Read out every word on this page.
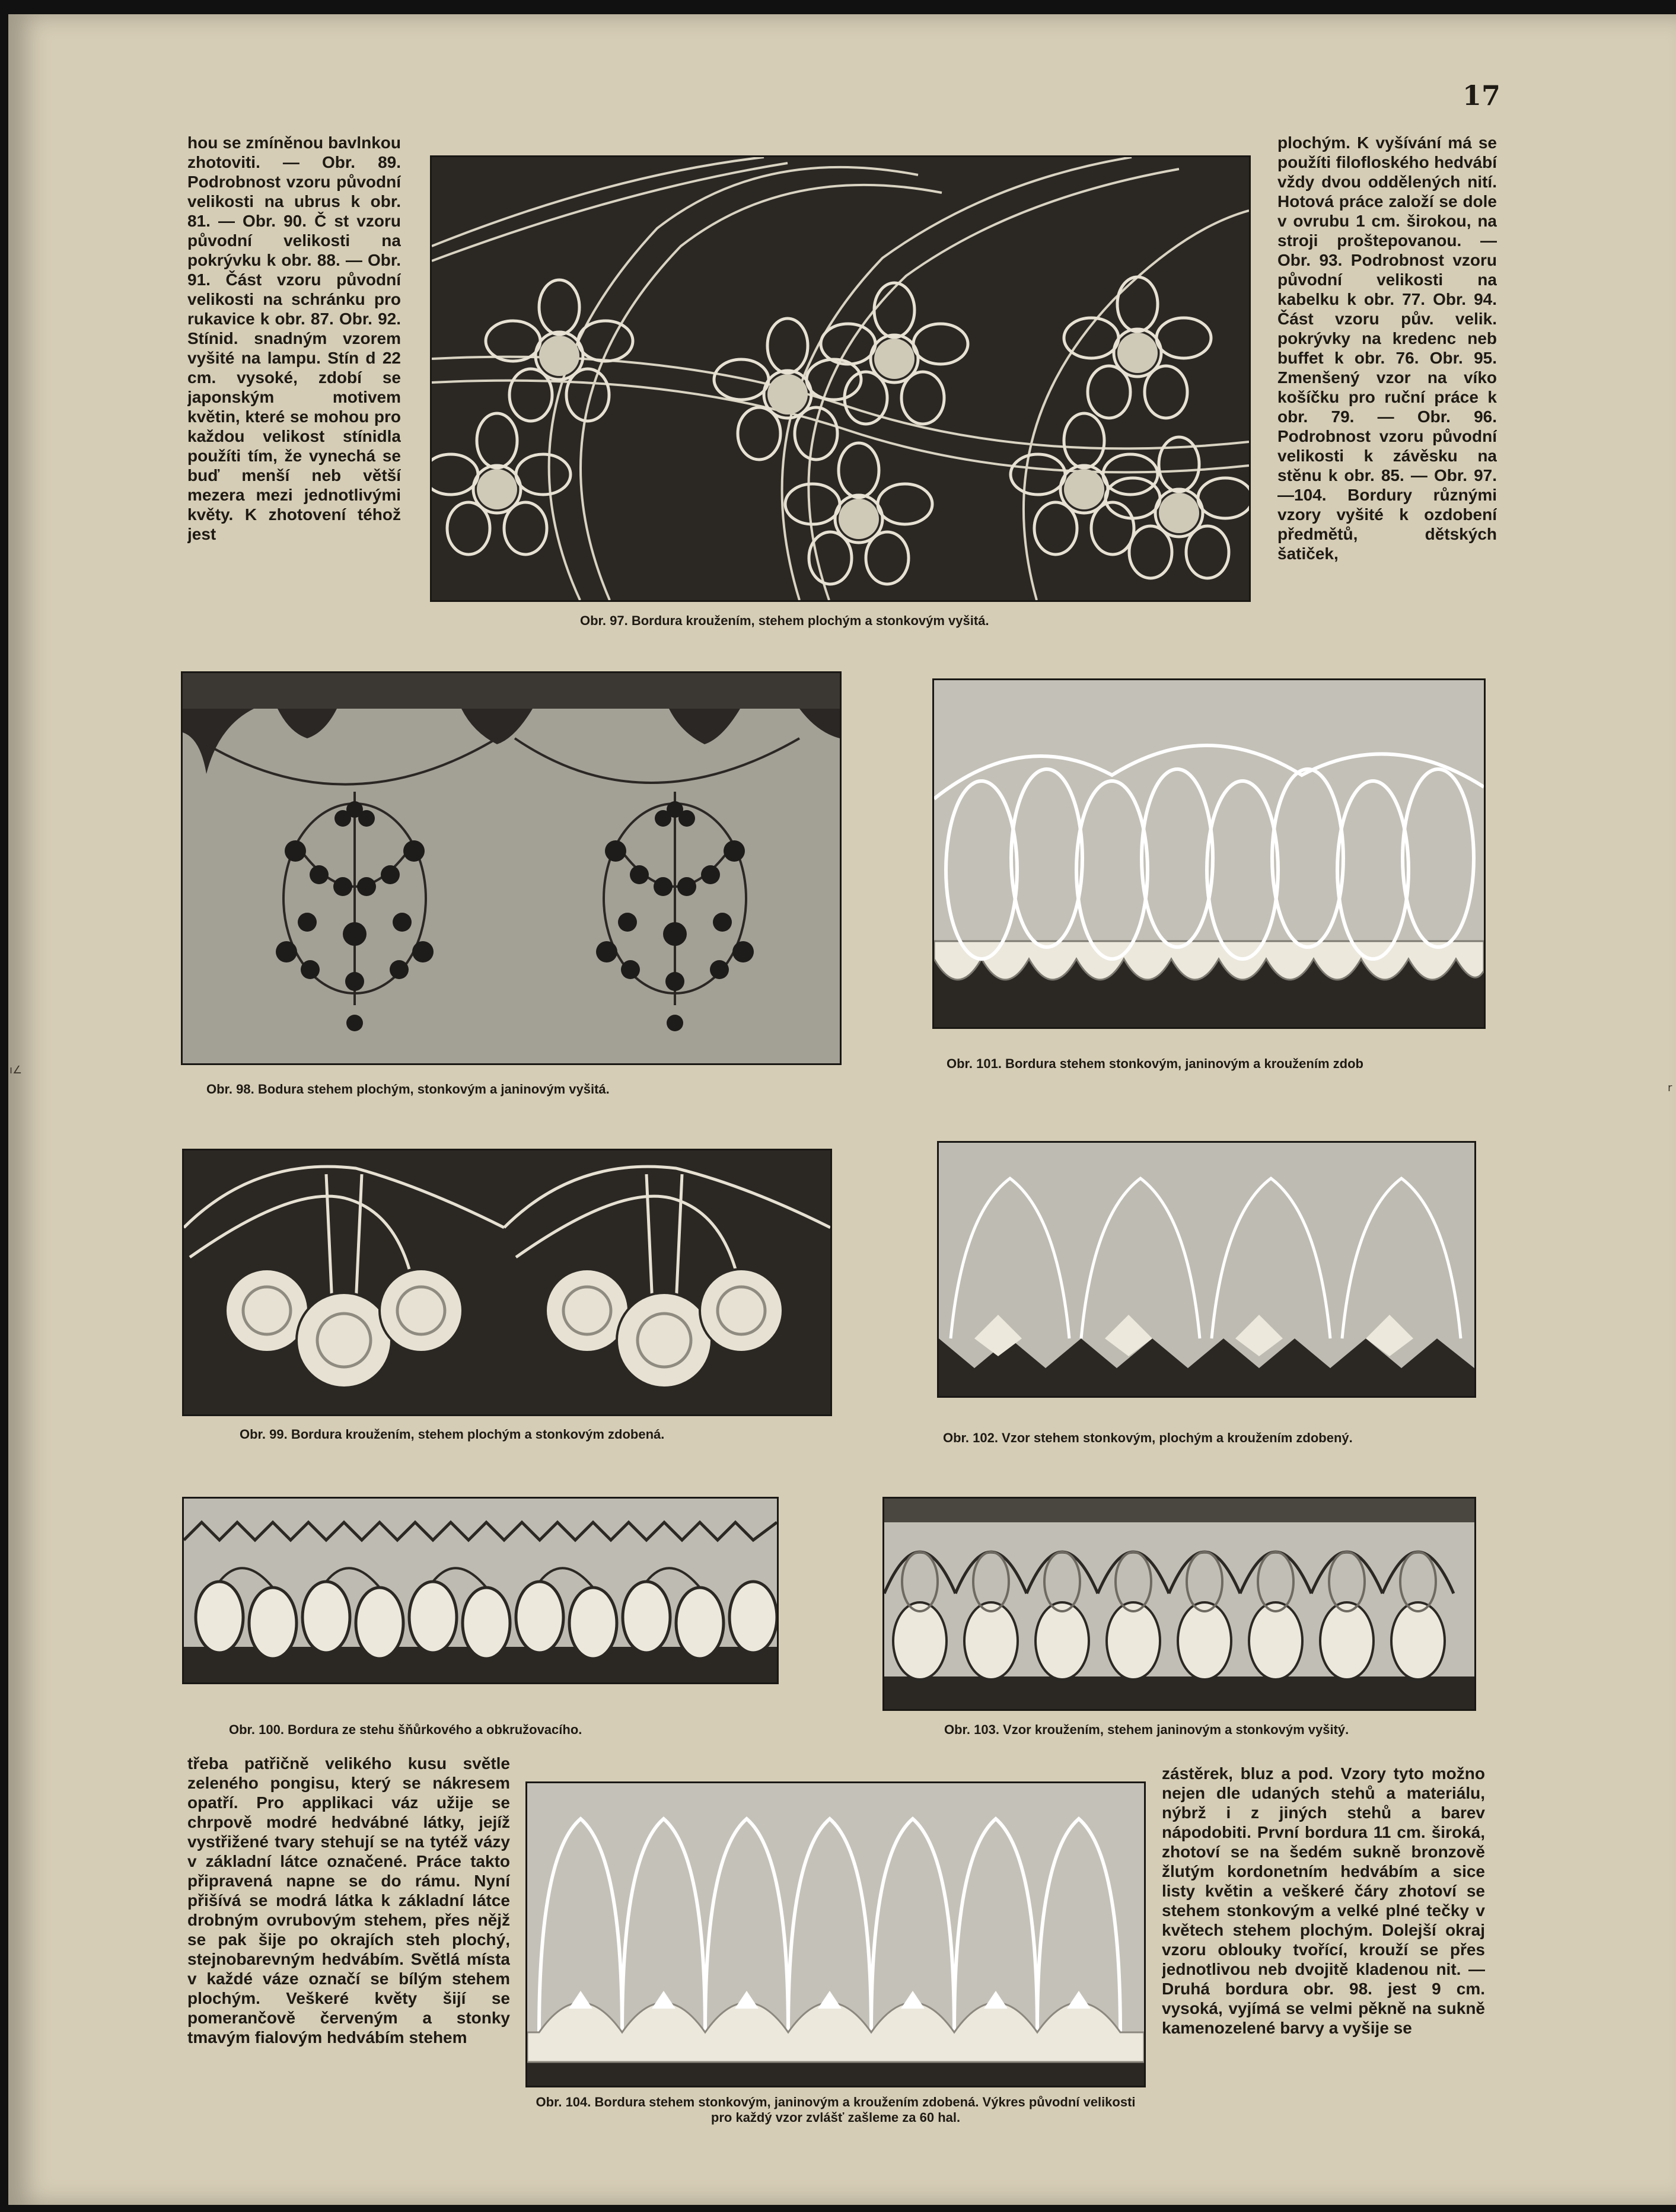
17
ı∠
r

hou se zmíněnou bavlnkou zhotoviti. — Obr. 89. Podrobnost vzoru původní velikosti na ubrus k obr. 81. — Obr. 90. Č st vzoru původní velikosti na pokrývku k obr. 88. — Obr. 91. Část vzoru původní velikosti na schránku pro rukavice k obr. 87. Obr. 92. Stínid. snadným vzorem vyšité na lampu. Stín d 22 cm. vysoké, zdobí se japonským motivem květin, které se mohou pro každou velikost stínidla použíti tím, že vynechá se buď menší neb větší mezera mezi jednotlivými květy. K zhotovení téhož jest

plochým. K vyšívání má se použíti filofloského hedvábí vždy dvou oddělených nití. Hotová práce založí se dole v ovrubu 1 cm. širokou, na stroji proštepovanou. — Obr. 93. Podrobnost vzoru původní velikosti na kabelku k obr. 77. Obr. 94. Část vzoru pův. velik. pokrývky na kredenc neb buffet k obr. 76. Obr. 95. Zmenšený vzor na víko košíčku pro ruční práce k obr. 79. — Obr. 96. Podrobnost vzoru původní velikosti k závěsku na stěnu k obr. 85. — Obr. 97.—104. Bordury různými vzory vyšité k ozdobení předmětů, dětských šatiček,

třeba patřičně velikého kusu světle zeleného pongisu, který se nákresem opatří. Pro applikaci váz užije se chrpově modré hedvábné látky, jejíž vystřižené tvary stehují se na tytéž vázy v základní látce označené. Práce takto připravená napne se do rámu. Nyní přišívá se modrá látka k základní látce drobným ovrubovým stehem, přes nějž se pak šije po okrajích steh plochý, stejnobarevným hedvábím. Světlá místa v každé váze označí se bílým stehem plochým. Veškeré květy šijí se pomerančově červeným a stonky tmavým fialovým hedvábím stehem

zástěrek, bluz a pod. Vzory tyto možno nejen dle udaných stehů a materiálu, nýbrž i z jiných stehů a barev nápodobiti. První bordura 11 cm. široká, zhotoví se na šedém sukně bronzově žlutým kordonetním hedvábím a sice listy květin a veškeré čáry zhotoví se stehem stonkovým a velké plné tečky v květech stehem plochým. Dolejší okraj vzoru oblouky tvořící, krouží se přes jednotlivou neb dvojitě kladenou nit. — Druhá bordura obr. 98. jest 9 cm. vysoká, vyjímá se velmi pěkně na sukně kamenozelené barvy a vyšije se

Obr. 97. Bordura kroužením, stehem plochým a stonkovým vyšitá.
Obr. 98. Bodura stehem plochým, stonkovým a janinovým vyšitá.
Obr. 101. Bordura stehem stonkovým, janinovým a kroužením zdob
Obr. 99. Bordura kroužením, stehem plochým a stonkovým zdobená.	Obr. 102. Vzor stehem stonkovým, plochým a kroužením zdobený.
Obr. 100. Bordura ze stehu šňůrkového a obkružovacího.	Obr. 103. Vzor kroužením, stehem janinovým a stonkovým vyšitý.
Obr. 104. Bordura stehem stonkovým, janinovým a kroužením zdobená. Výkres původní velikosti pro každý vzor zvlášť zašleme za 60 hal.
